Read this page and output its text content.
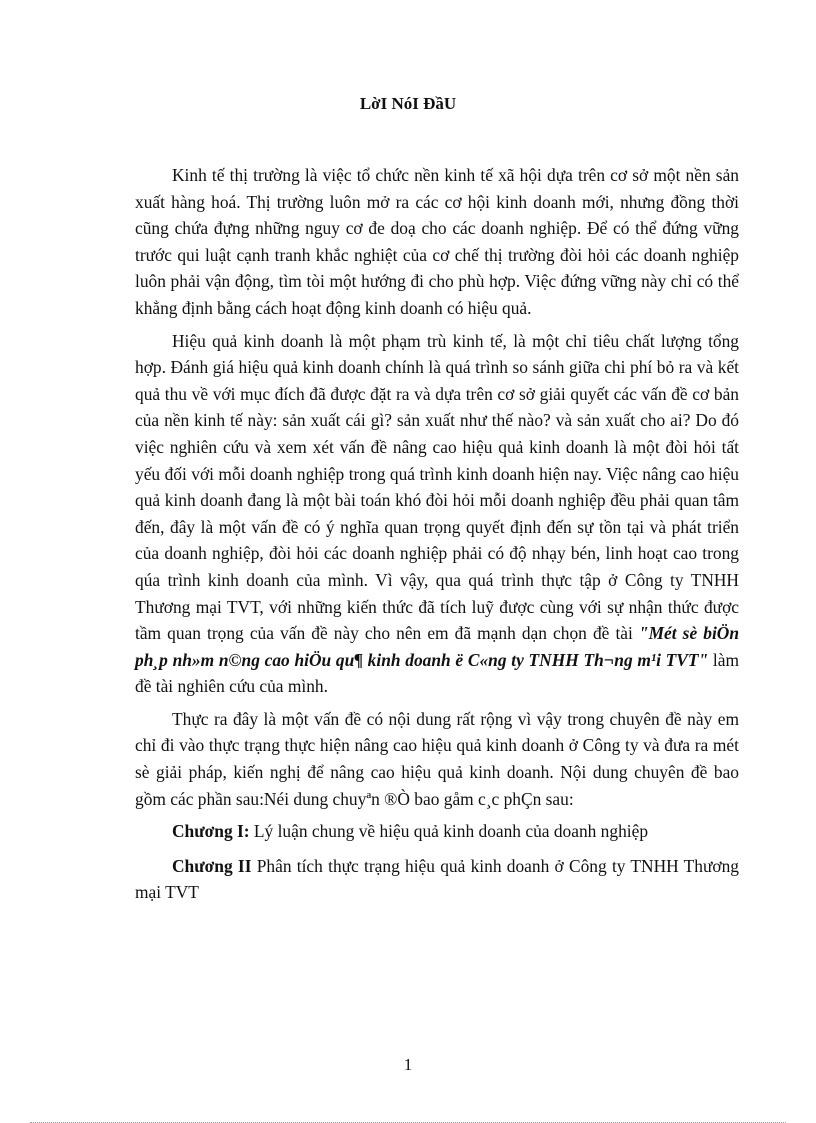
LờI NóI ĐầU

Kinh tế thị trường là việc tổ chức nền kinh tế xã hội dựa trên cơ sở một nền sản xuất hàng hoá. Thị trường luôn mở ra các cơ hội kinh doanh mới, nhưng đồng thời cũng chứa đựng những nguy cơ đe doạ cho các doanh nghiệp. Để có thể đứng vững trước qui luật cạnh tranh khắc nghiệt của cơ chế thị trường đòi hỏi các doanh nghiệp luôn phải vận động, tìm tòi một hướng đi cho phù hợp. Việc đứng vững này chỉ có thể khẳng định bằng cách hoạt động kinh doanh có hiệu quả.

Hiệu quả kinh doanh là một phạm trù kinh tế, là một chỉ tiêu chất lượng tổng hợp. Đánh giá hiệu quả kinh doanh chính là quá trình so sánh giữa chi phí bỏ ra và kết quả thu về với mục đích đã được đặt ra và dựa trên cơ sở giải quyết các vấn đề cơ bản của nền kinh tế này: sản xuất cái gì? sản xuất như thế nào? và sản xuất cho ai? Do đó việc nghiên cứu và xem xét vấn đề nâng cao hiệu quả kinh doanh là một đòi hỏi tất yếu đối với mỗi doanh nghiệp trong quá trình kinh doanh hiện nay. Việc nâng cao hiệu quả kinh doanh đang là một bài toán khó đòi hỏi mỗi doanh nghiệp đều phải quan tâm đến, đây là một vấn đề có ý nghĩa quan trọng quyết định đến sự tồn tại và phát triển của doanh nghiệp, đòi hỏi các doanh nghiệp phải có độ nhạy bén, linh hoạt cao trong qúa trình kinh doanh của mình. Vì vậy, qua quá trình thực tập ở Công ty TNHH Thương mại TVT, với những kiến thức đã tích luỹ được cùng với sự nhận thức được tầm quan trọng của vấn đề này cho nên em đã mạnh dạn chọn đề tài "Mét sè biÖn ph¸p nh»m n©ng cao hiÖu qu¶ kinh doanh ë C«ng ty TNHH Th¬ng m¹i TVT" làm đề tài nghiên cứu của mình.

Thực ra đây là một vấn đề có nội dung rất rộng vì vậy trong chuyên đề này em chỉ đi vào thực trạng thực hiện nâng cao hiệu quả kinh doanh ở Công ty và đưa ra mét sè giải pháp, kiến nghị để nâng cao hiệu quả kinh doanh. Nội dung chuyên đề bao gồm các phần sau:Néi dung chuyªn ®Ò bao gåm c¸c phÇn sau:

Chương I: Lý luận chung về hiệu quả kinh doanh của doanh nghiệp

Chương II Phân tích thực trạng hiệu quả kinh doanh ở Công ty TNHH Thương mại TVT

1
